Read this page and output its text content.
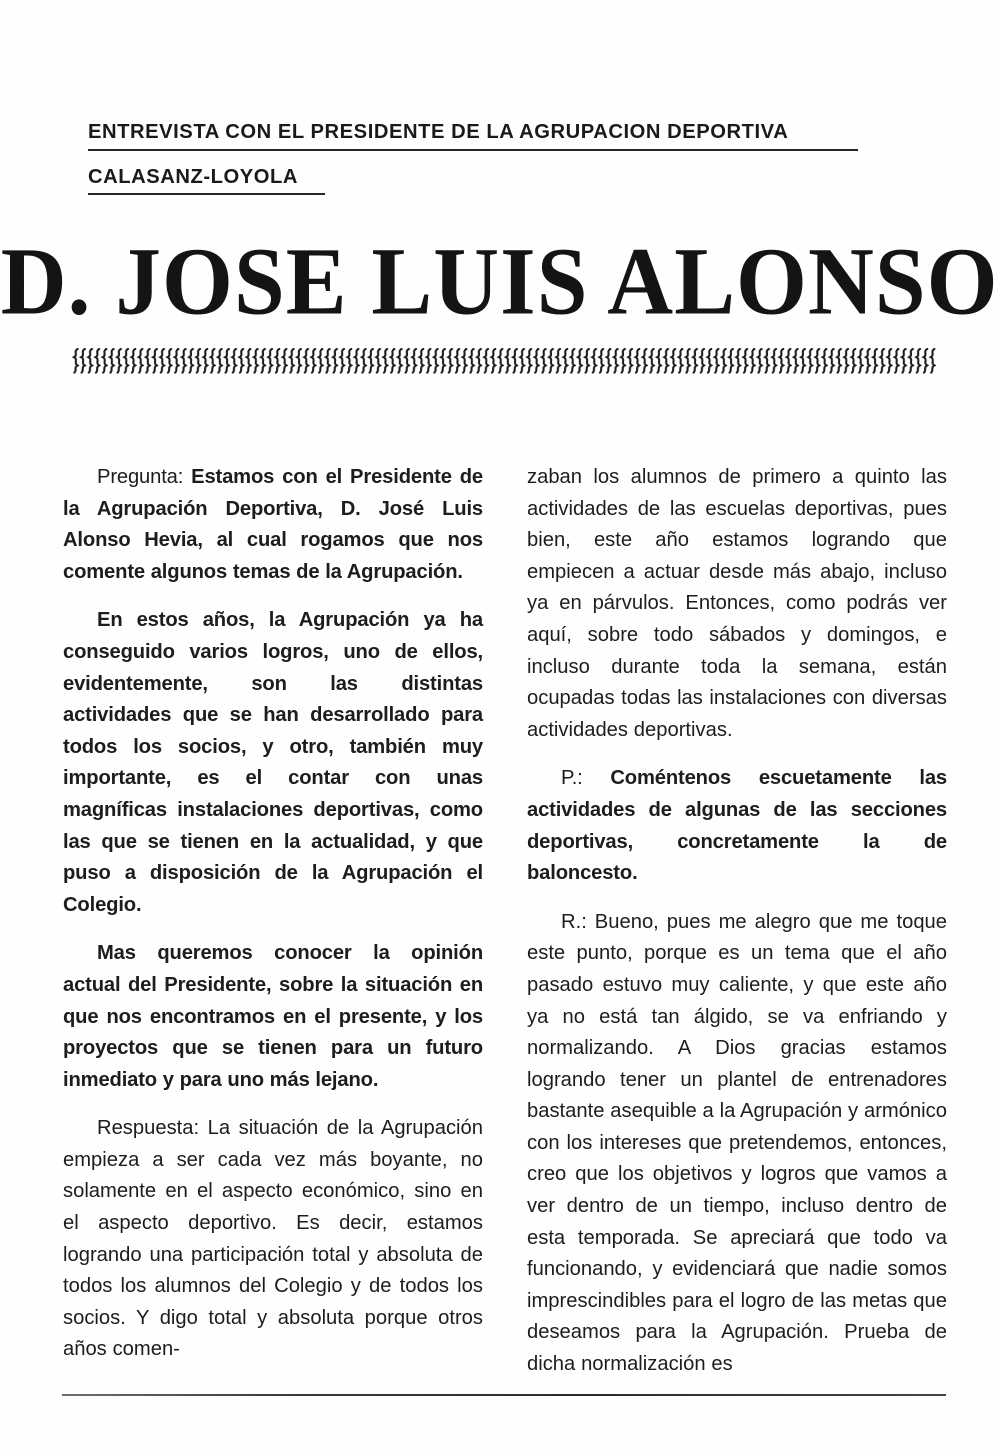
ENTREVISTA CON EL PRESIDENTE DE LA AGRUPACION DEPORTIVA
CALASANZ-LOYOLA
D. JOSE LUIS ALONSO

Pregunta: Estamos con el Presidente de la Agrupación Deportiva, D. José Luis Alonso Hevia, al cual rogamos que nos comente algunos temas de la Agrupación.

En estos años, la Agrupación ya ha conseguido varios logros, uno de ellos, evidentemente, son las distintas actividades que se han desarrollado para todos los socios, y otro, también muy importante, es el contar con unas magníficas instalaciones deportivas, como las que se tienen en la actualidad, y que puso a disposición de la Agrupación el Colegio.

Mas queremos conocer la opinión actual del Presidente, sobre la situación en que nos encontramos en el presente, y los proyectos que se tienen para un futuro inmediato y para uno más lejano.

Respuesta: La situación de la Agrupación empieza a ser cada vez más boyante, no solamente en el aspecto económico, sino en el aspecto deportivo. Es decir, estamos logrando una participación total y absoluta de todos los alumnos del Colegio y de todos los socios. Y digo total y absoluta porque otros años comen-

zaban los alumnos de primero a quinto las actividades de las escuelas deportivas, pues bien, este año estamos logrando que empiecen a actuar desde más abajo, incluso ya en párvulos. Entonces, como podrás ver aquí, sobre todo sábados y domingos, e incluso durante toda la semana, están ocupadas todas las instalaciones con diversas actividades deportivas.

P.: Coméntenos escuetamente las actividades de algunas de las secciones deportivas, concretamente la de baloncesto.

R.: Bueno, pues me alegro que me toque este punto, porque es un tema que el año pasado estuvo muy caliente, y que este año ya no está tan álgido, se va enfriando y normalizando. A Dios gracias estamos logrando tener un plantel de entrenadores bastante asequible a la Agrupación y armónico con los intereses que pretendemos, entonces, creo que los objetivos y logros que vamos a ver dentro de un tiempo, incluso dentro de esta temporada. Se apreciará que todo va funcionando, y evidenciará que nadie somos imprescindibles para el logro de las metas que deseamos para la Agrupación. Prueba de dicha normalización es
